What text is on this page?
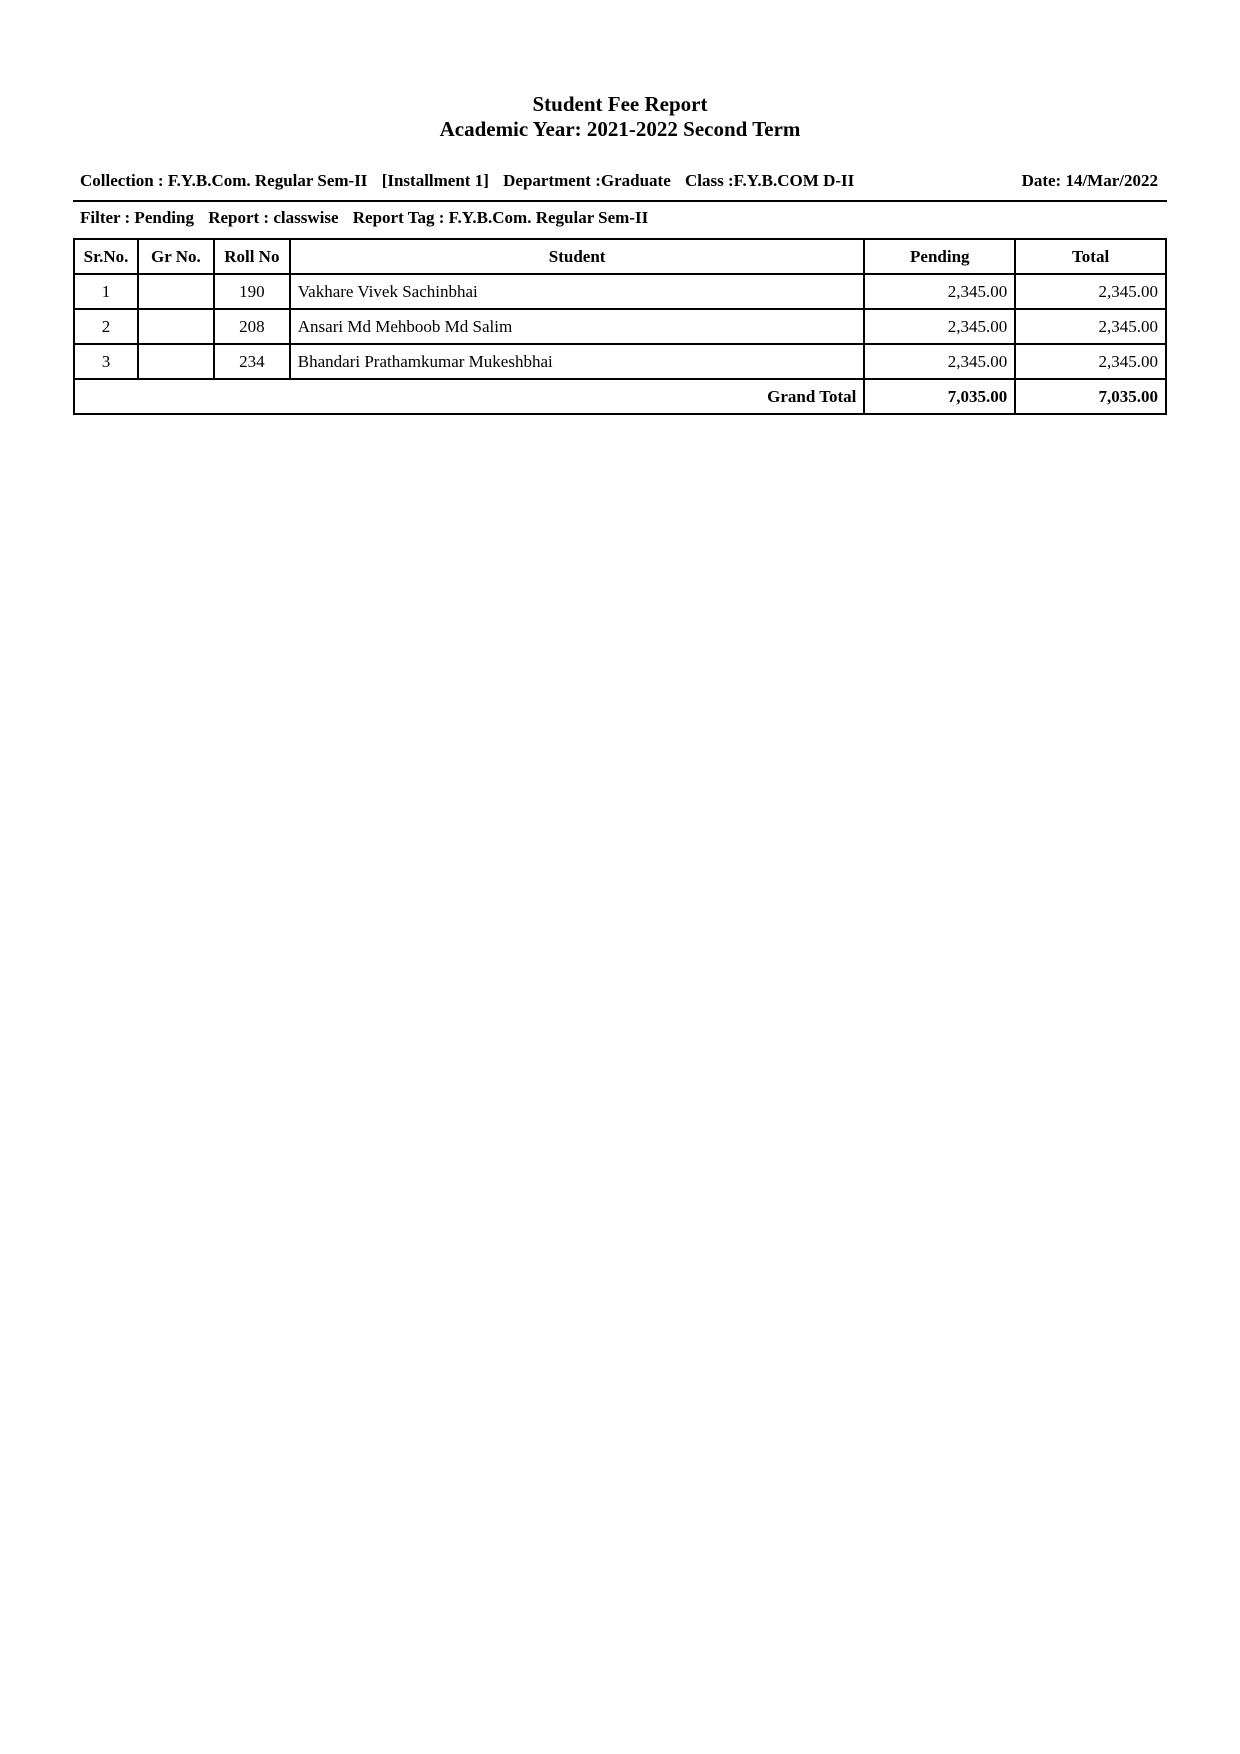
Student Fee Report
Academic Year: 2021-2022 Second Term
Collection : F.Y.B.Com. Regular Sem-II [Installment 1] Department :Graduate Class :F.Y.B.COM D-II	Date: 14/Mar/2022
Filter : Pending Report : classwise Report Tag : F.Y.B.Com. Regular Sem-II
Sr.No.	Gr No.	Roll No	Student	Pending	Total
1		190	Vakhare Vivek Sachinbhai	2,345.00	2,345.00
2		208	Ansari Md Mehboob Md Salim	2,345.00	2,345.00
3		234	Bhandari Prathamkumar Mukeshbhai	2,345.00	2,345.00
Grand Total				7,035.00	7,035.00
